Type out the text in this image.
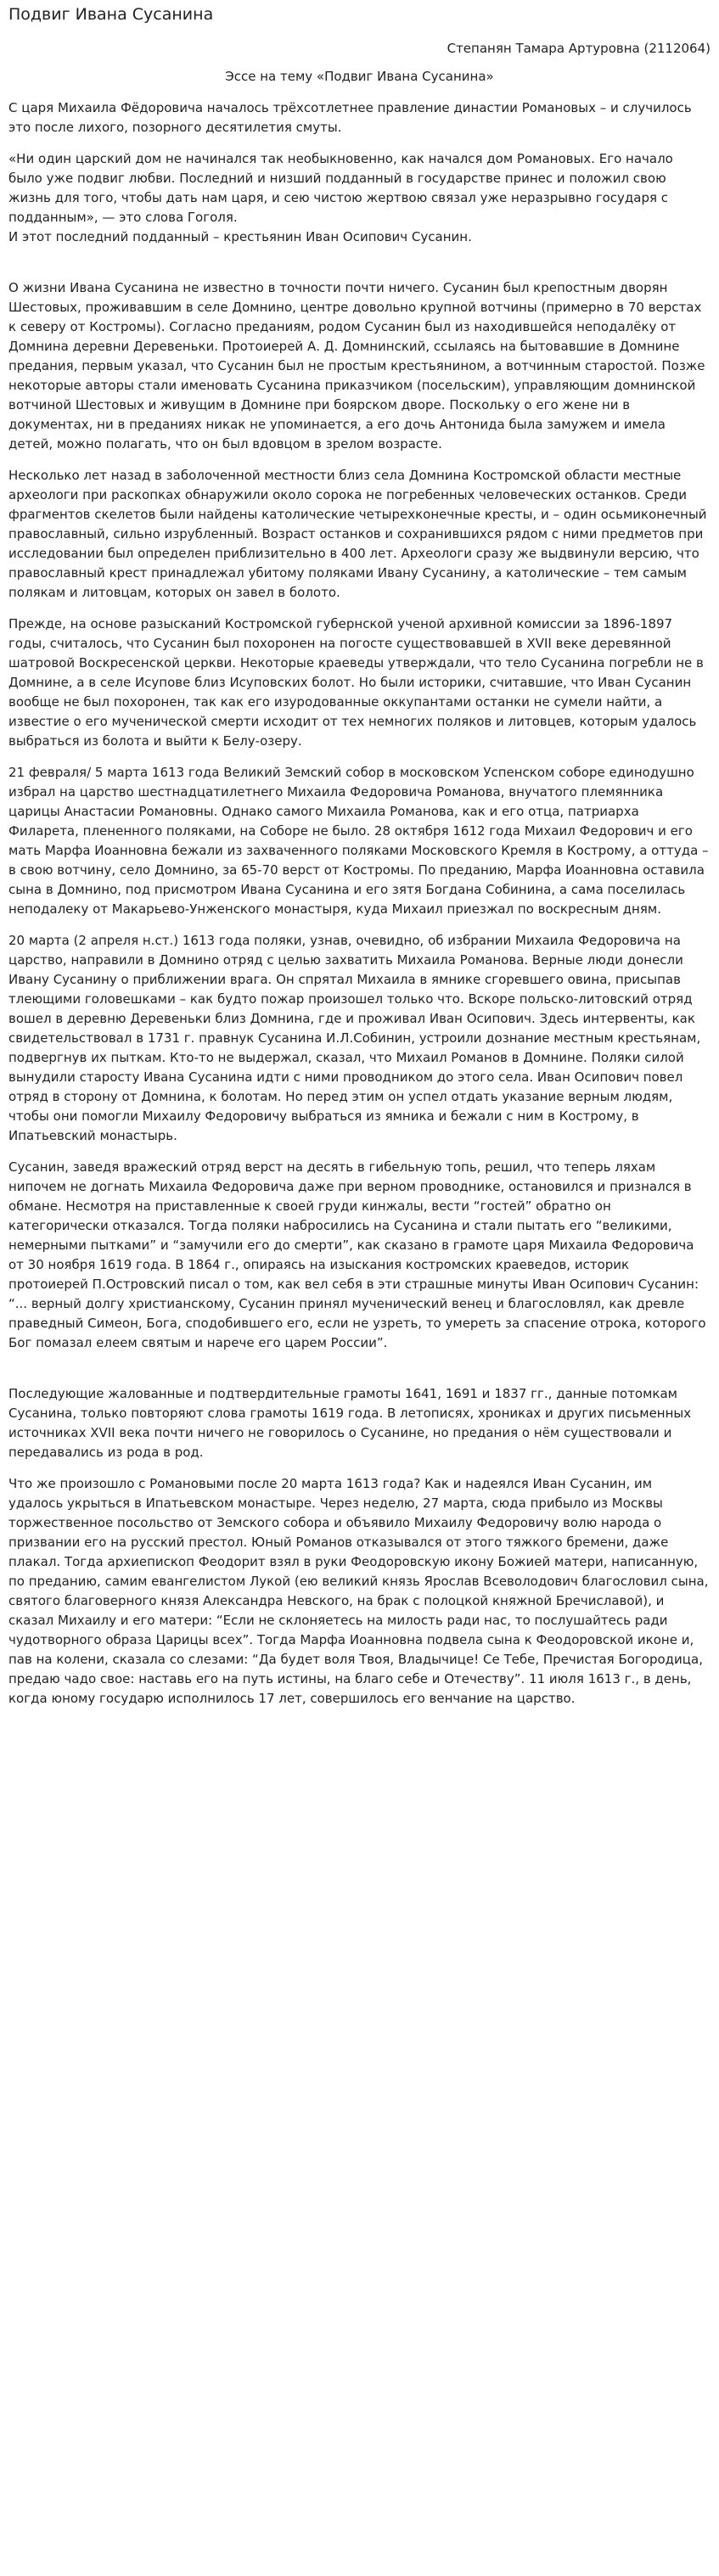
Подвиг Ивана Сусанина
Степанян Тамара Артуровна (2112064)
Эссе на тему «Подвиг Ивана Сусанина»

С царя Михаила Фёдоровича началось трёхсотлетнее правление династии Романовых – и случилось это после лихого, позорного десятилетия смуты.

«Ни один царский дом не начинался так необыкновенно, как начался дом Романовых. Его начало было уже подвиг любви. Последний и низший подданный в государстве принес и положил свою жизнь для того, чтобы дать нам царя, и сею чистою жертвою связал уже неразрывно государя с подданным», — это слова Гоголя.

И этот последний подданный – крестьянин Иван Осипович Сусанин.

О жизни Ивана Сусанина не известно в точности почти ничего. Сусанин был крепостным дворян Шестовых, проживавшим в селе Домнино, центре довольно крупной вотчины (примерно в 70 верстах к северу от Костромы). Согласно преданиям, родом Сусанин был из находившейся неподалёку от Домнина деревни Деревеньки. Протоиерей А. Д. Домнинский, ссылаясь на бытовавшие в Домнине предания, первым указал, что Сусанин был не простым крестьянином, а вотчинным старостой. Позже некоторые авторы стали именовать Сусанина приказчиком (посельским), управляющим домнинской вотчиной Шестовых и живущим в Домнине при боярском дворе. Поскольку о его жене ни в документах, ни в преданиях никак не упоминается, а его дочь Антонида была замужем и имела детей, можно полагать, что он был вдовцом в зрелом возрасте.

Несколько лет назад в заболоченной местности близ села Домнина Костромской области местные археологи при раскопках обнаружили около сорока не погребенных человеческих останков. Среди фрагментов скелетов были найдены католические четырехконечные кресты, и – один осьмиконечный православный, сильно изрубленный. Возраст останков и сохранившихся рядом с ними предметов при исследовании был определен приблизительно в 400 лет. Археологи сразу же выдвинули версию, что православный крест принадлежал убитому поляками Ивану Сусанину, а католические – тем самым полякам и литовцам, которых он завел в болото.

Прежде, на основе разысканий Костромской губернской ученой архивной комиссии за 1896-1897 годы, считалось, что Сусанин был похоронен на погосте существовавшей в XVII веке деревянной шатровой Воскресенской церкви. Некоторые краеведы утверждали, что тело Сусанина погребли не в Домнине, а в селе Исупове близ Исуповских болот. Но были историки, считавшие, что Иван Сусанин вообще не был похоронен, так как его изуродованные оккупантами останки не сумели найти, а известие о его мученической смерти исходит от тех немногих поляков и литовцев, которым удалось выбраться из болота и выйти к Белу-озеру.

21 февраля/ 5 марта 1613 года Великий Земский собор в московском Успенском соборе единодушно избрал на царство шестнадцатилетнего Михаила Федоровича Романова, внучатого племянника царицы Анастасии Романовны. Однако самого Михаила Романова, как и его отца, патриарха Филарета, плененного поляками, на Соборе не было. 28 октября 1612 года Михаил Федорович и его мать Марфа Иоанновна бежали из захваченного поляками Московского Кремля в Кострому, а оттуда – в свою вотчину, село Домнино, за 65-70 верст от Костромы. По преданию, Марфа Иоанновна оставила сына в Домнино, под присмотром Ивана Сусанина и его зятя Богдана Собинина, а сама поселилась неподалеку от Макарьево-Унженского монастыря, куда Михаил приезжал по воскресным дням.

20 марта (2 апреля н.ст.) 1613 года поляки, узнав, очевидно, об избрании Михаила Федоровича на царство, направили в Домнино отряд с целью захватить Михаила Романова. Верные люди донесли Ивану Сусанину о приближении врага. Он спрятал Михаила в ямнике сгоревшего овина, присыпав тлеющими головешками – как будто пожар произошел только что. Вскоре польско-литовский отряд вошел в деревню Деревеньки близ Домнина, где и проживал Иван Осипович. Здесь интервенты, как свидетельствовал в 1731 г. правнук Сусанина И.Л.Собинин, устроили дознание местным крестьянам, подвергнув их пыткам. Кто-то не выдержал, сказал, что Михаил Романов в Домнине. Поляки силой вынудили старосту Ивана Сусанина идти с ними проводником до этого села. Иван Осипович повел отряд в сторону от Домнина, к болотам. Но перед этим он успел отдать указание верным людям, чтобы они помогли Михаилу Федоровичу выбраться из ямника и бежали с ним в Кострому, в Ипатьевский монастырь.

Сусанин, заведя вражеский отряд верст на десять в гибельную топь, решил, что теперь ляхам нипочем не догнать Михаила Федоровича даже при верном проводнике, остановился и признался в обмане. Несмотря на приставленные к своей груди кинжалы, вести “гостей” обратно он категорически отказался. Тогда поляки набросились на Сусанина и стали пытать его “великими, немерными пытками” и “замучили его до смерти”, как сказано в грамоте царя Михаила Федоровича от 30 ноября 1619 года. В 1864 г., опираясь на изыскания костромских краеведов, историк протоиерей П.Островский писал о том, как вел себя в эти страшные минуты Иван Осипович Сусанин: “... верный долгу христианскому, Сусанин принял мученический венец и благословлял, как древле праведный Симеон, Бога, сподобившего его, если не узреть, то умереть за спасение отрока, которого Бог помазал елеем святым и нарече его царем России”.

Последующие жалованные и подтвердительные грамоты 1641, 1691 и 1837 гг., данные потомкам Сусанина, только повторяют слова грамоты 1619 года. В летописях, хрониках и других письменных источниках XVII века почти ничего не говорилось о Сусанине, но предания о нём существовали и передавались из рода в род.

Что же произошло с Романовыми после 20 марта 1613 года? Как и надеялся Иван Сусанин, им удалось укрыться в Ипатьевском монастыре. Через неделю, 27 марта, сюда прибыло из Москвы торжественное посольство от Земского собора и объявило Михаилу Федоровичу волю народа о призвании его на русский престол. Юный Романов отказывался от этого тяжкого бремени, даже плакал. Тогда архиепископ Феодорит взял в руки Феодоровскую икону Божией матери, написанную, по преданию, самим евангелистом Лукой (ею великий князь Ярослав Всеволодович благословил сына, святого благоверного князя Александра Невского, на брак с полоцкой княжной Бречиславой), и сказал Михаилу и его матери: “Если не склоняетесь на милость ради нас, то послушайтесь ради чудотворного образа Царицы всех”. Тогда Марфа Иоанновна подвела сына к Феодоровской иконе и, пав на колени, сказала со слезами: “Да будет воля Твоя, Владычице! Се Тебе, Пречистая Богородица, предаю чадо свое: наставь его на путь истины, на благо себе и Отечеству”. 11 июля 1613 г., в день, когда юному государю исполнилось 17 лет, совершилось его венчание на царство.
